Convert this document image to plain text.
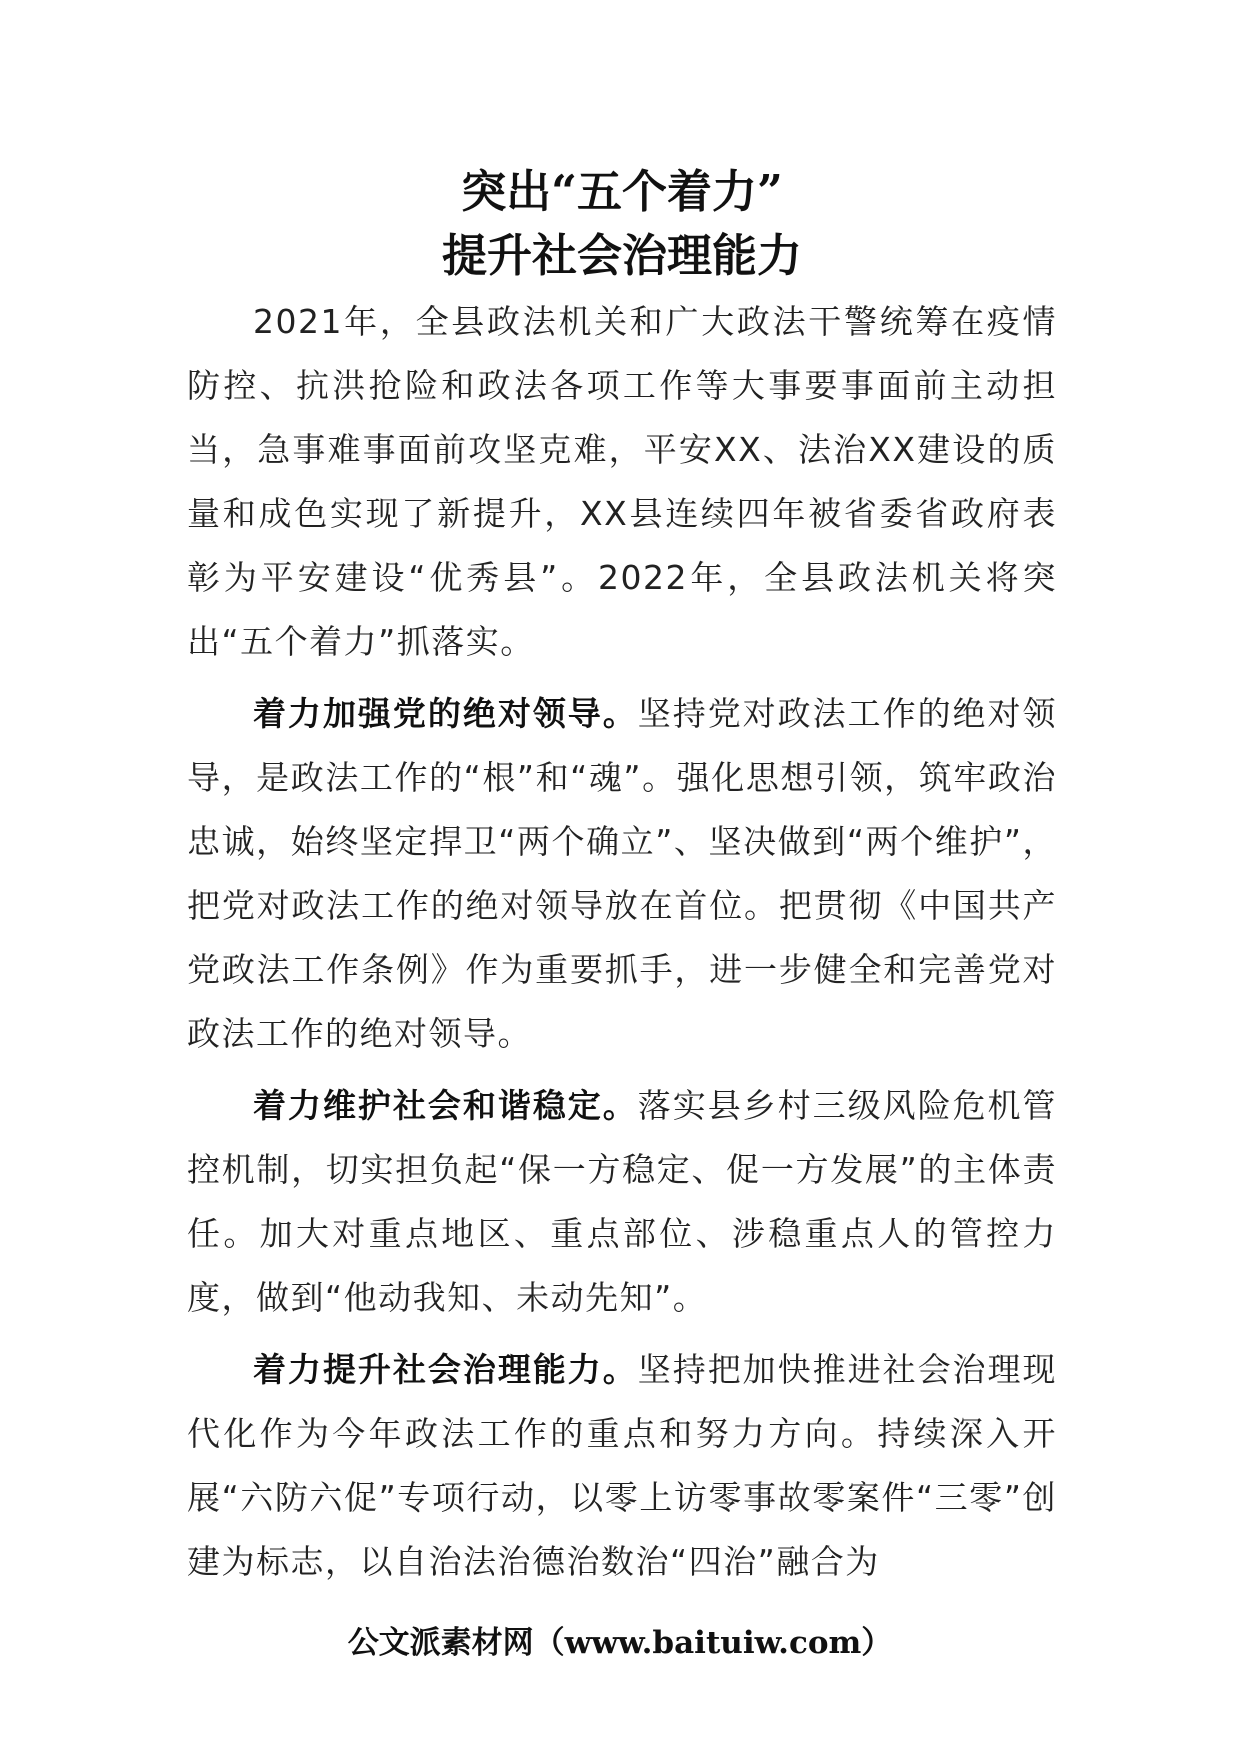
突出“五个着力”
提升社会治理能力

2021年，全县政法机关和广大政法干警统筹在疫情防控、抗洪抢险和政法各项工作等大事要事面前主动担当，急事难事面前攻坚克难，平安XX、法治XX建设的质量和成色实现了新提升，XX县连续四年被省委省政府表彰为平安建设“优秀县”。2022年，全县政法机关将突出“五个着力”抓落实。

着力加强党的绝对领导。坚持党对政法工作的绝对领导，是政法工作的“根”和“魂”。强化思想引领，筑牢政治忠诚，始终坚定捍卫“两个确立”、坚决做到“两个维护”，把党对政法工作的绝对领导放在首位。把贯彻《中国共产党政法工作条例》作为重要抓手，进一步健全和完善党对政法工作的绝对领导。

着力维护社会和谐稳定。落实县乡村三级风险危机管控机制，切实担负起“保一方稳定、促一方发展”的主体责任。加大对重点地区、重点部位、涉稳重点人的管控力度，做到“他动我知、未动先知”。

着力提升社会治理能力。坚持把加快推进社会治理现代化作为今年政法工作的重点和努力方向。持续深入开展“六防六促”专项行动，以零上访零事故零案件“三零”创建为标志，以自治法治德治数治“四治”融合为

公文派素材网（www.baituiw.com）
